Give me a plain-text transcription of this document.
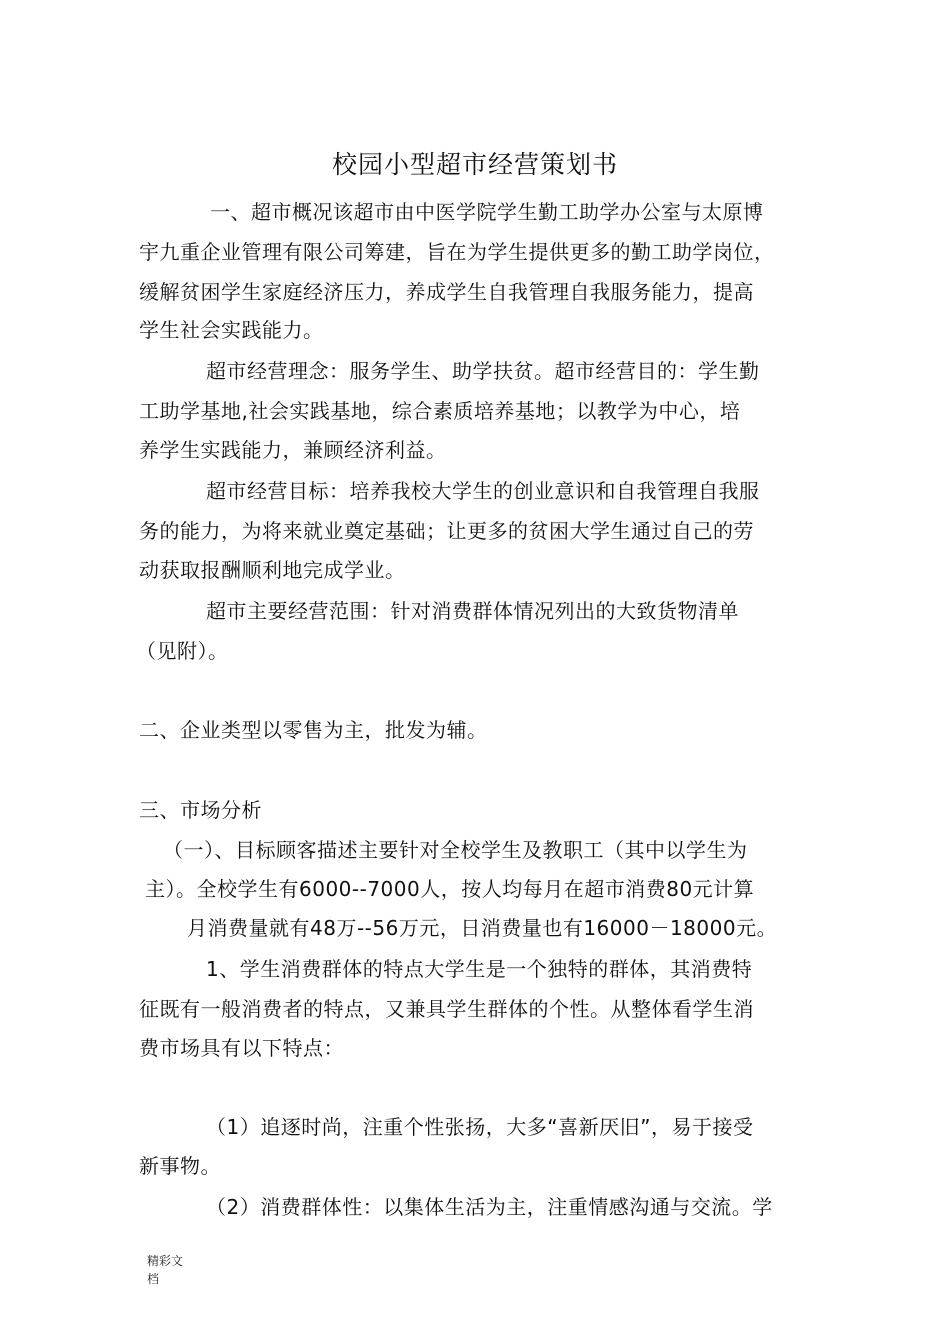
校园小型超市经营策划书
一、超市概况该超市由中医学院学生勤工助学办公室与太原博
宇九重企业管理有限公司筹建，旨在为学生提供更多的勤工助学岗位，
缓解贫困学生家庭经济压力，养成学生自我管理自我服务能力，提高
学生社会实践能力。
超市经营理念：服务学生、助学扶贫。超市经营目的：学生勤
工助学基地,社会实践基地，综合素质培养基地；以教学为中心，培
养学生实践能力，兼顾经济利益。
超市经营目标：培养我校大学生的创业意识和自我管理自我服
务的能力，为将来就业奠定基础；让更多的贫困大学生通过自己的劳
动获取报酬顺利地完成学业。
超市主要经营范围：针对消费群体情况列出的大致货物清单
（见附）。
二、企业类型以零售为主，批发为辅。
三、市场分析
（一）、目标顾客描述主要针对全校学生及教职工（其中以学生为
主）。全校学生有6000--7000人，按人均每月在超市消费80元计算
月消费量就有48万--56万元，日消费量也有16000－18000元。
1、学生消费群体的特点大学生是一个独特的群体，其消费特
征既有一般消费者的特点，又兼具学生群体的个性。从整体看学生消
费市场具有以下特点：
（1）追逐时尚，注重个性张扬，大多“喜新厌旧”，易于接受
新事物。
（2）消费群体性：以集体生活为主，注重情感沟通与交流。学
精彩文
档
